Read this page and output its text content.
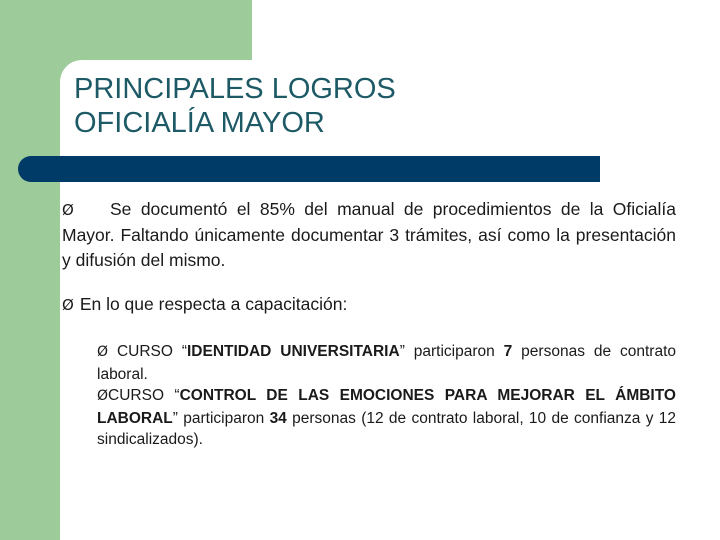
PRINCIPALES LOGROS
OFICIALÍA MAYOR
Ø Se documentó el 85% del manual de procedimientos de la Oficialía Mayor. Faltando únicamente documentar 3 trámites, así como la presentación y difusión del mismo.
Ø En lo que respecta a capacitación:
Ø CURSO “IDENTIDAD UNIVERSITARIA” participaron 7 personas de contrato laboral.
ØCURSO “CONTROL DE LAS EMOCIONES PARA MEJORAR EL ÁMBITO LABORAL” participaron 34 personas (12 de contrato laboral, 10 de confianza y 12 sindicalizados).
